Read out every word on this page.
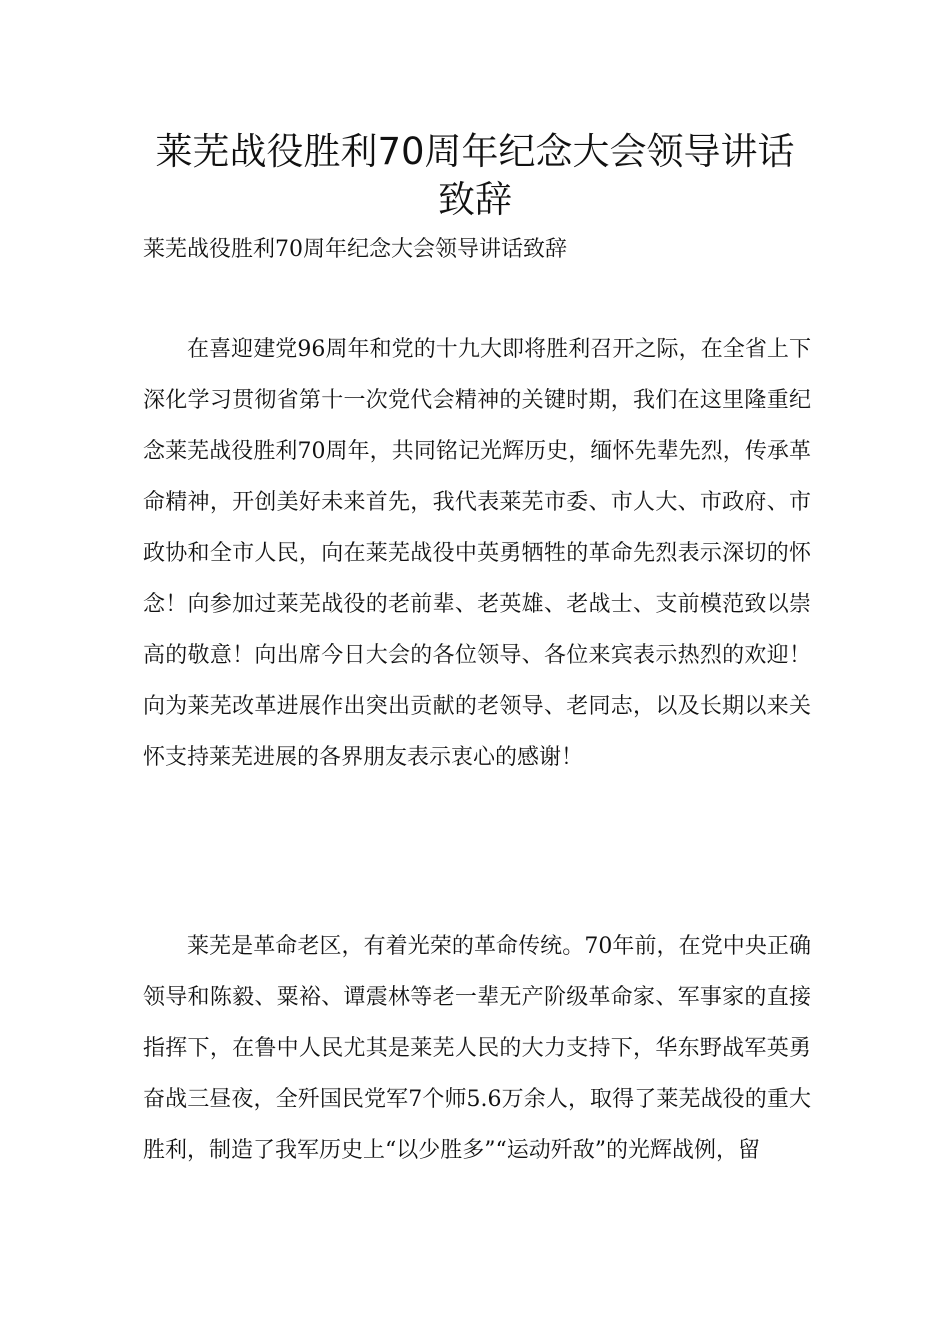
莱芜战役胜利70周年纪念大会领导讲话致辞

莱芜战役胜利70周年纪念大会领导讲话致辞

在喜迎建党96周年和党的十九大即将胜利召开之际，在全省上下深化学习贯彻省第十一次党代会精神的关键时期，我们在这里隆重纪念莱芜战役胜利70周年，共同铭记光辉历史，缅怀先辈先烈，传承革命精神，开创美好未来首先，我代表莱芜市委、市人大、市政府、市政协和全市人民，向在莱芜战役中英勇牺牲的革命先烈表示深切的怀念！向参加过莱芜战役的老前辈、老英雄、老战士、支前模范致以崇高的敬意！向出席今日大会的各位领导、各位来宾表示热烈的欢迎！向为莱芜改革进展作出突出贡献的老领导、老同志，以及长期以来关怀支持莱芜进展的各界朋友表示衷心的感谢！

莱芜是革命老区，有着光荣的革命传统。70年前，在党中央正确领导和陈毅、粟裕、谭震林等老一辈无产阶级革命家、军事家的直接指挥下，在鲁中人民尤其是莱芜人民的大力支持下，华东野战军英勇奋战三昼夜，全歼国民党军7个师5.6万余人，取得了莱芜战役的重大胜利，制造了我军历史上“以少胜多”“运动歼敌”的光辉战例，留
